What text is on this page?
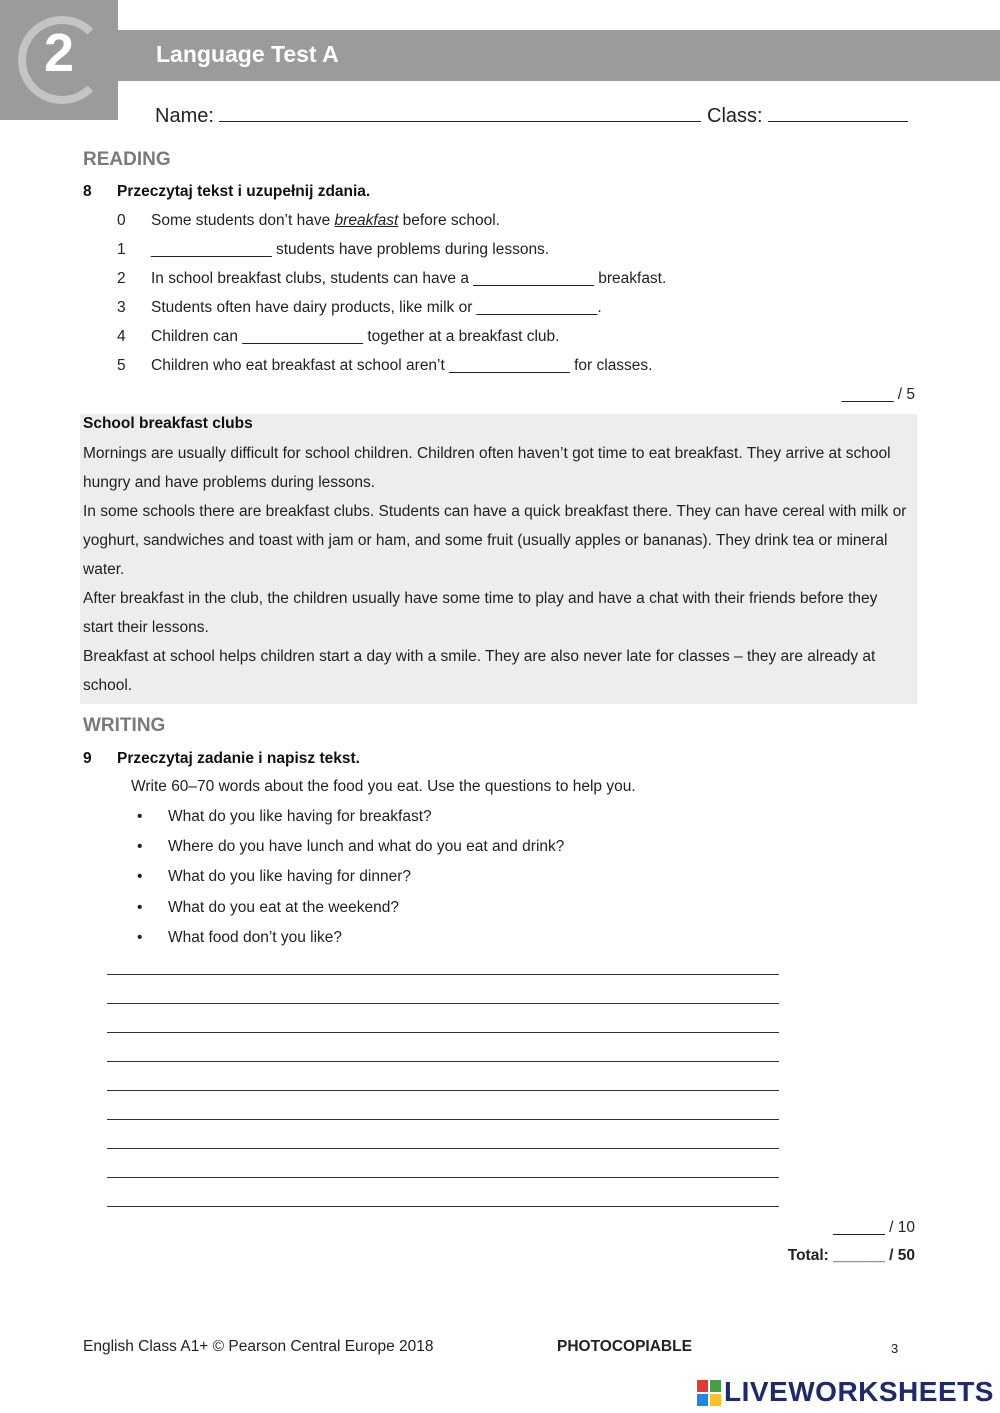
2	Language Test A
Name:	Class:
READING
8 Przeczytaj tekst i uzupełnij zdania.
0 Some students don’t have breakfast before school.
1 ______________ students have problems during lessons.
2 In school breakfast clubs, students can have a ______________ breakfast.
3 Students often have dairy products, like milk or ______________.
4 Children can ______________ together at a breakfast club.
5 Children who eat breakfast at school aren’t ______________ for classes.
______ / 5
School breakfast clubs
Mornings are usually difficult for school children. Children often haven’t got time to eat breakfast. They arrive at school hungry and have problems during lessons.
In some schools there are breakfast clubs. Students can have a quick breakfast there. They can have cereal with milk or yoghurt, sandwiches and toast with jam or ham, and some fruit (usually apples or bananas). They drink tea or mineral water.
After breakfast in the club, the children usually have some time to play and have a chat with their friends before they start their lessons.
Breakfast at school helps children start a day with a smile. They are also never late for classes – they are already at school.
WRITING
9 Przeczytaj zadanie i napisz tekst.
Write 60–70 words about the food you eat. Use the questions to help you.
• What do you like having for breakfast?
• Where do you have lunch and what do you eat and drink?
• What do you like having for dinner?
• What do you eat at the weekend?
• What food don’t you like?
______ / 10
Total: ______ / 50
English Class A1+ © Pearson Central Europe 2018	PHOTOCOPIABLE	3
LIVEWORKSHEETS
